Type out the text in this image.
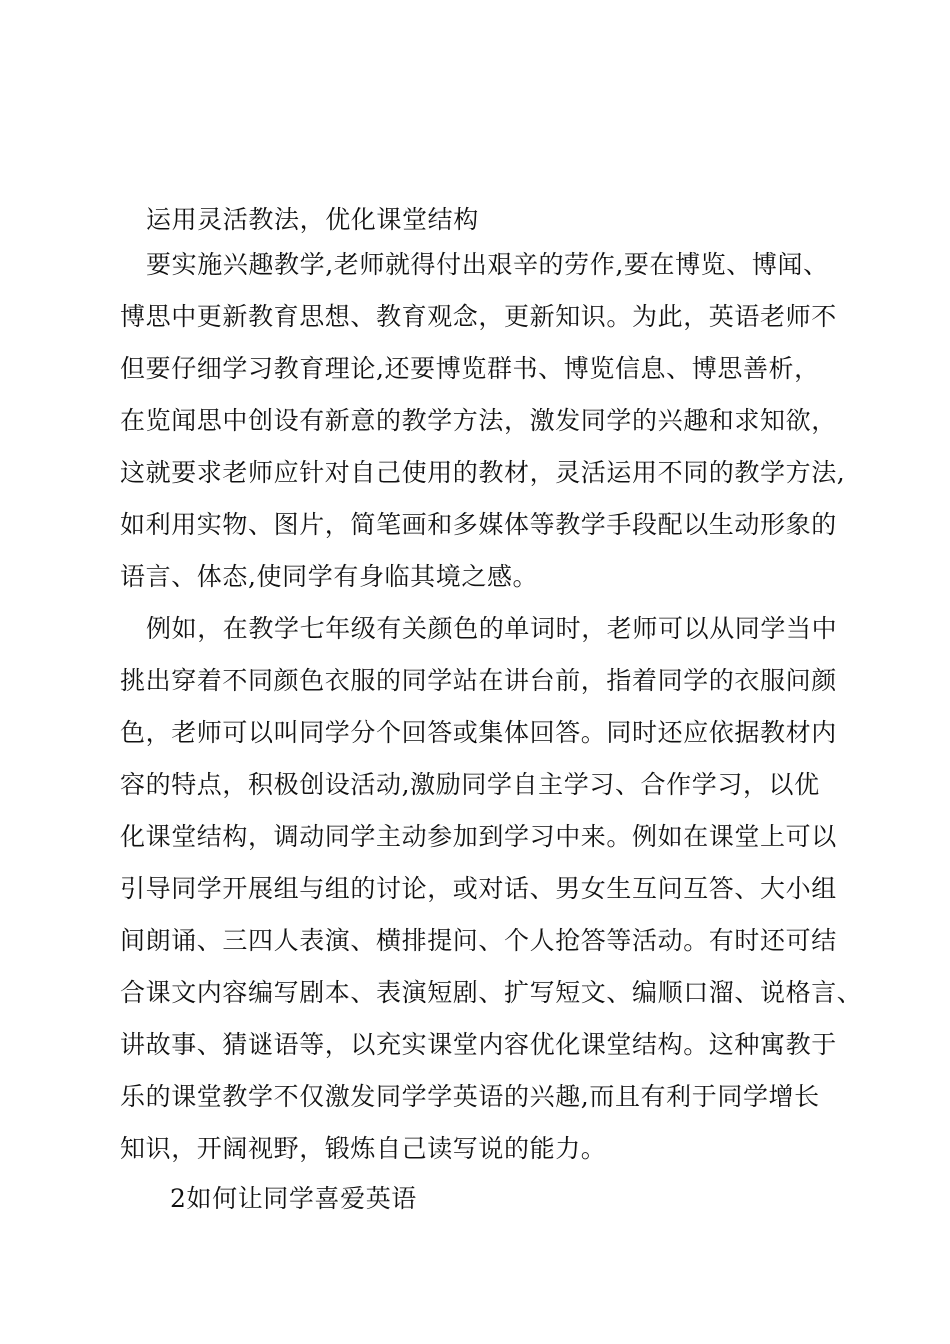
运用灵活教法，优化课堂结构
要实施兴趣教学,老师就得付出艰辛的劳作,要在博览、博闻、
博思中更新教育思想、教育观念，更新知识。为此，英语老师不
但要仔细学习教育理论,还要博览群书、博览信息、博思善析，
在览闻思中创设有新意的教学方法，激发同学的兴趣和求知欲，
这就要求老师应针对自己使用的教材，灵活运用不同的教学方法,
如利用实物、图片，简笔画和多媒体等教学手段配以生动形象的
语言、体态,使同学有身临其境之感。
例如，在教学七年级有关颜色的单词时，老师可以从同学当中
挑出穿着不同颜色衣服的同学站在讲台前，指着同学的衣服问颜
色，老师可以叫同学分个回答或集体回答。同时还应依据教材内
容的特点，积极创设活动,激励同学自主学习、合作学习，以优
化课堂结构，调动同学主动参加到学习中来。例如在课堂上可以
引导同学开展组与组的讨论，或对话、男女生互问互答、大小组
间朗诵、三四人表演、横排提问、个人抢答等活动。有时还可结
合课文内容编写剧本、表演短剧、扩写短文、编顺口溜、说格言、
讲故事、猜谜语等，以充实课堂内容优化课堂结构。这种寓教于
乐的课堂教学不仅激发同学学英语的兴趣,而且有利于同学增长
知识，开阔视野，锻炼自己读写说的能力。
2如何让同学喜爱英语
